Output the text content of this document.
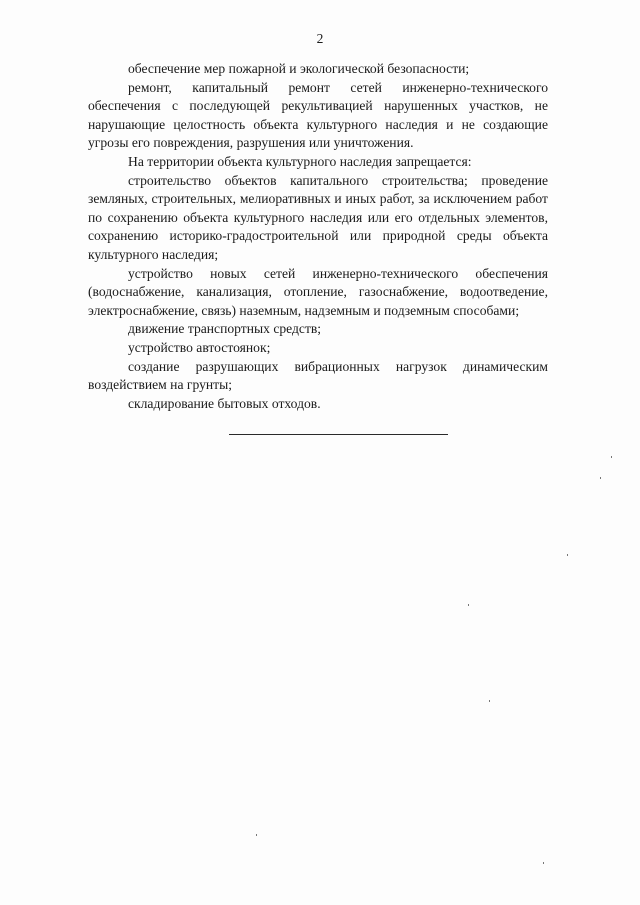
2

обеспечение мер пожарной и экологической безопасности;

ремонт, капитальный ремонт сетей инженерно-технического обеспечения с последующей рекультивацией нарушенных участков, не нарушающие целостность объекта культурного наследия и не создающие угрозы его повреждения, разрушения или уничтожения.

На территории объекта культурного наследия запрещается:

строительство объектов капитального строительства; проведение земляных, строительных, мелиоративных и иных работ, за исключением работ по сохранению объекта культурного наследия или его отдельных элементов, сохранению историко-градостроительной или природной среды объекта культурного наследия;

устройство новых сетей инженерно-технического обеспечения (водоснабжение, канализация, отопление, газоснабжение, водоотведение, электроснабжение, связь) наземным, надземным и подземным способами;

движение транспортных средств;

устройство автостоянок;

создание разрушающих вибрационных нагрузок динамическим воздействием на грунты;

складирование бытовых отходов.
